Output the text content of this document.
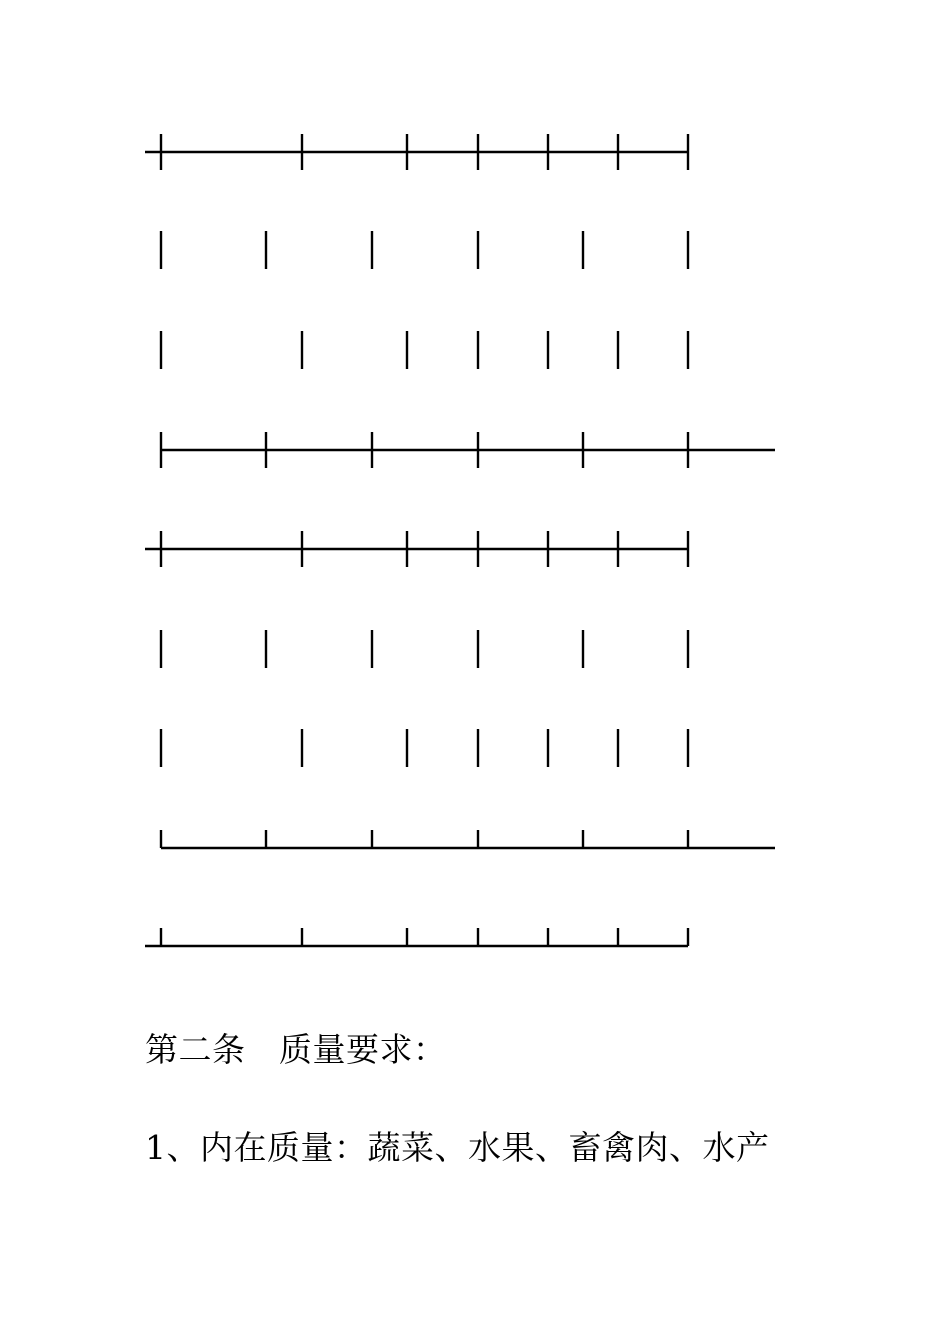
第二条　质量要求：
1、内在质量：蔬菜、水果、畜禽肉、水产
